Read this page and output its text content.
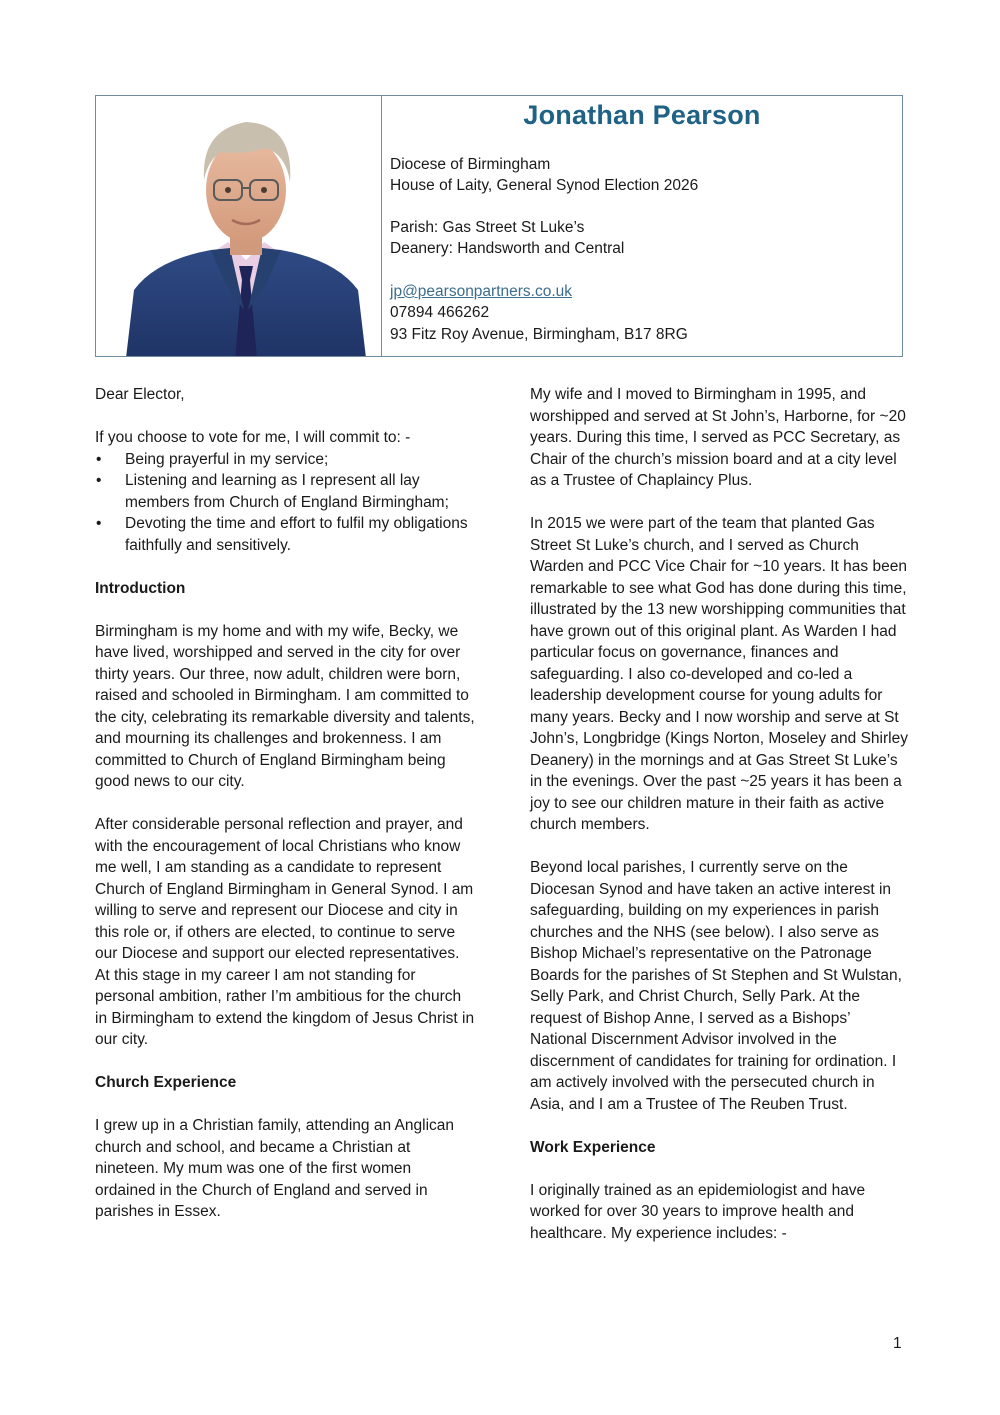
Jonathan Pearson
Diocese of Birmingham
House of Laity, General Synod Election 2026
Parish: Gas Street St Luke’s
Deanery: Handsworth and Central
jp@pearsonpartners.co.uk
07894 466262
93 Fitz Roy Avenue, Birmingham, B17 8RG

Dear Elector,

If you choose to vote for me, I will commit to: -
• Being prayerful in my service;
• Listening and learning as I represent all lay members from Church of England Birmingham;
• Devoting the time and effort to fulfil my obligations faithfully and sensitively.
Introduction

Birmingham is my home and with my wife, Becky, we have lived, worshipped and served in the city for over thirty years. Our three, now adult, children were born, raised and schooled in Birmingham. I am committed to the city, celebrating its remarkable diversity and talents, and mourning its challenges and brokenness. I am committed to Church of England Birmingham being good news to our city.

After considerable personal reflection and prayer, and with the encouragement of local Christians who know me well, I am standing as a candidate to represent Church of England Birmingham in General Synod. I am willing to serve and represent our Diocese and city in this role or, if others are elected, to continue to serve our Diocese and support our elected representatives. At this stage in my career I am not standing for personal ambition, rather I’m ambitious for the church in Birmingham to extend the kingdom of Jesus Christ in our city.

Church Experience

I grew up in a Christian family, attending an Anglican church and school, and became a Christian at nineteen. My mum was one of the first women ordained in the Church of England and served in parishes in Essex.

My wife and I moved to Birmingham in 1995, and worshipped and served at St John’s, Harborne, for ~20 years. During this time, I served as PCC Secretary, as Chair of the church’s mission board and at a city level as a Trustee of Chaplaincy Plus.

In 2015 we were part of the team that planted Gas Street St Luke’s church, and I served as Church Warden and PCC Vice Chair for ~10 years. It has been remarkable to see what God has done during this time, illustrated by the 13 new worshipping communities that have grown out of this original plant. As Warden I had particular focus on governance, finances and safeguarding. I also co-developed and co-led a leadership development course for young adults for many years. Becky and I now worship and serve at St John’s, Longbridge (Kings Norton, Moseley and Shirley Deanery) in the mornings and at Gas Street St Luke’s in the evenings. Over the past ~25 years it has been a joy to see our children mature in their faith as active church members.

Beyond local parishes, I currently serve on the Diocesan Synod and have taken an active interest in safeguarding, building on my experiences in parish churches and the NHS (see below). I also serve as Bishop Michael’s representative on the Patronage Boards for the parishes of St Stephen and St Wulstan, Selly Park, and Christ Church, Selly Park. At the request of Bishop Anne, I served as a Bishops’ National Discernment Advisor involved in the discernment of candidates for training for ordination. I am actively involved with the persecuted church in Asia, and I am a Trustee of The Reuben Trust.

Work Experience

I originally trained as an epidemiologist and have worked for over 30 years to improve health and healthcare. My experience includes: -

1
